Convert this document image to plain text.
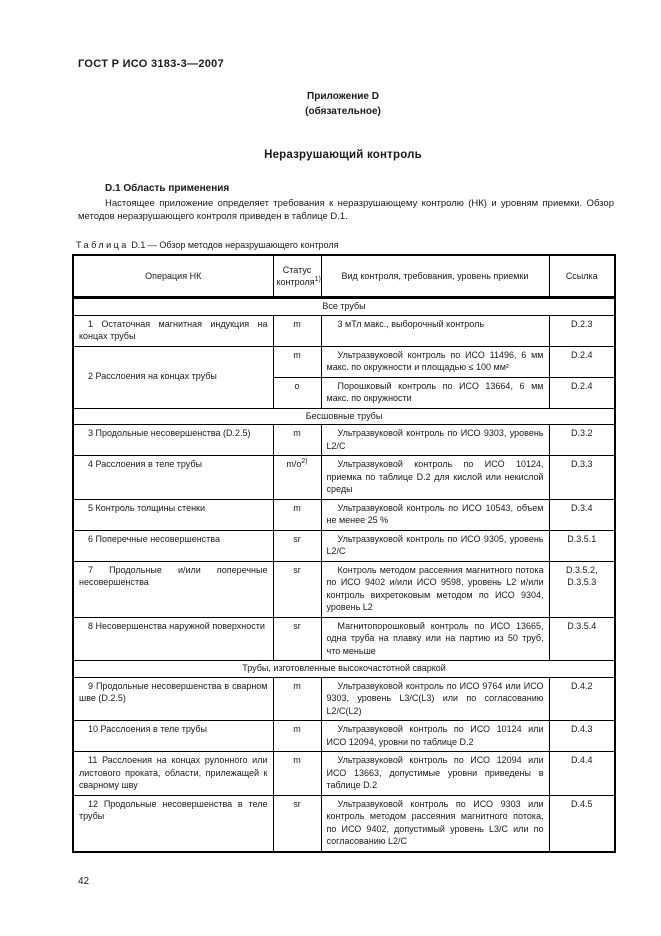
ГОСТ Р ИСО 3183-3—2007
Приложение D
(обязательное)
Неразрушающий контроль
D.1 Область применения
Настоящее приложение определяет требования к неразрушающему контролю (НК) и уровням приемки. Обзор методов неразрушающего контроля приведен в таблице D.1.
Таблица D.1 — Обзор методов неразрушающего контроля
Операция НК	Статус контроля$^{1)}$	Вид контроля, требования, уровень приемки	Ссылка
Все трубы			
1 Остаточная магнитная индукция на концах трубы	m	3 мТл макс., выборочный контроль	D.2.3
2 Расслоения на концах трубы	m	Ультразвуковой контроль по ИСО 11496, 6 мм макс. по окружности и площадью ≤ 100 мм²	D.2.4
	o	Порошковый контроль по ИСО 13664, 6 мм макс. по окружности	D.2.4
Бесшовные трубы			
3 Продольные несовершенства (D.2.5)	m	Ультразвуковой контроль по ИСО 9303, уровень L2/C	D.3.2
4 Расслоения в теле трубы	$m/o^{2)}$	Ультразвуковой контроль по ИСО 10124, приемка по таблице D.2 для кислой или некислой среды	D.3.3
5 Контроль толщины стенки	m	Ультразвуковой контроль по ИСО 10543, объем не менее 25 %	D.3.4
6 Поперечные несовершенства	sr	Ультразвуковой контроль по ИСО 9305, уровень L2/C	D.3.5.1
7 Продольные и/или поперечные несовершенства	sr	Контроль методом рассеяния магнитного потока по ИСО 9402 и/или ИСО 9598, уровень L2 и/или контроль вихретоковым методом по ИСО 9304, уровень L2	D.3.5.2, D.3.5.3
8 Несовершенства наружной поверхности	sr	Магнитопорошковый контроль по ИСО 13665, одна труба на плавку или на партию из 50 труб, что меньше	D.3.5.4
Трубы, изготовленные высокочастотной сваркой			
9 Продольные несовершенства в сварном шве (D.2.5)	m	Ультразвуковой контроль по ИСО 9764 или ИСО 9303, уровень L3/C(L3) или по согласованию L2/C(L2)	D.4.2
10 Расслоения в теле трубы	m	Ультразвуковой контроль по ИСО 10124 или ИСО 12094, уровни по таблице D.2	D.4.3
11 Расслоения на концах рулонного или листового проката, области, прилежащей к сварному шву	m	Ультразвуковой контроль по ИСО 12094 или ИСО 13663, допустимые уровни приведены в таблице D.2	D.4.4
12 Продольные несовершенства в теле трубы	sr	Ультразвуковой контроль по ИСО 9303 или контроль методом рассеяния магнитного потока, по ИСО 9402, допустимый уровень L3/C или по согласованию L2/C	D.4.5
42
